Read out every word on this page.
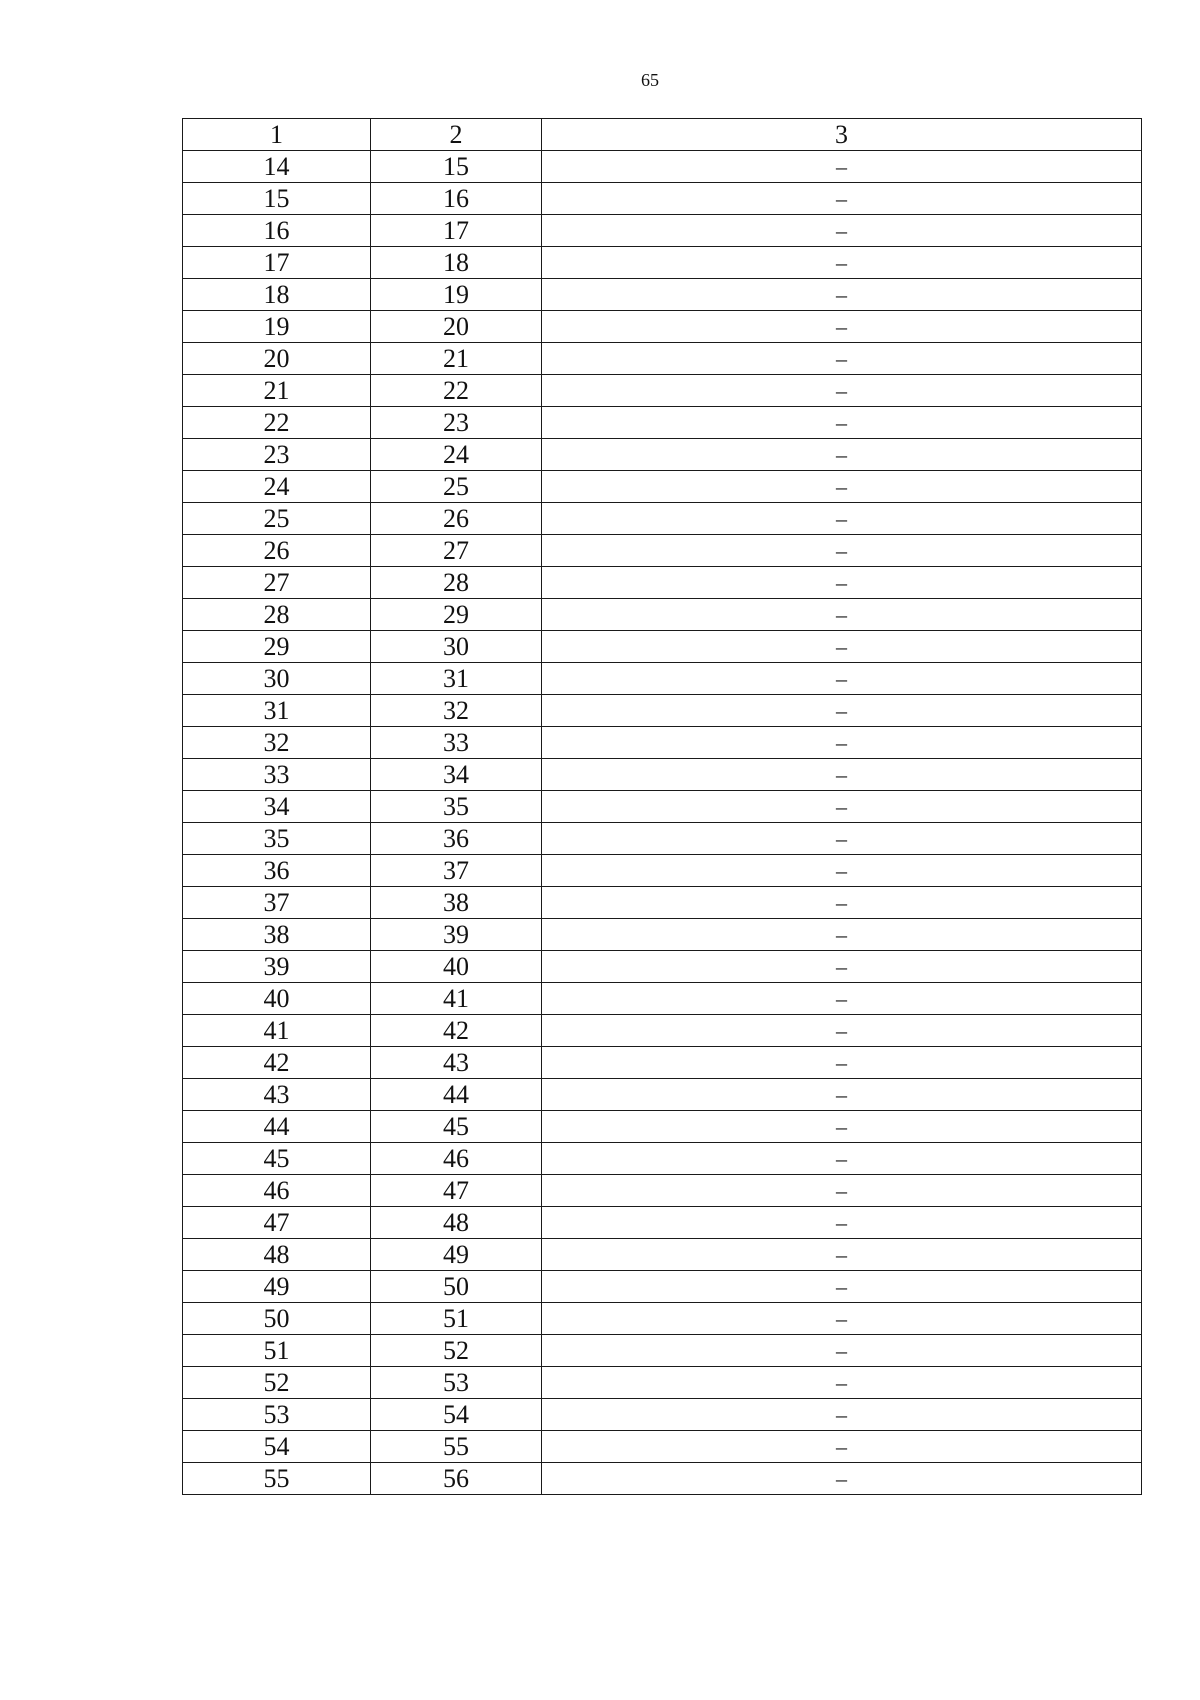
65
1	2	3
14	15	–
15	16	–
16	17	–
17	18	–
18	19	–
19	20	–
20	21	–
21	22	–
22	23	–
23	24	–
24	25	–
25	26	–
26	27	–
27	28	–
28	29	–
29	30	–
30	31	–
31	32	–
32	33	–
33	34	–
34	35	–
35	36	–
36	37	–
37	38	–
38	39	–
39	40	–
40	41	–
41	42	–
42	43	–
43	44	–
44	45	–
45	46	–
46	47	–
47	48	–
48	49	–
49	50	–
50	51	–
51	52	–
52	53	–
53	54	–
54	55	–
55	56	–
